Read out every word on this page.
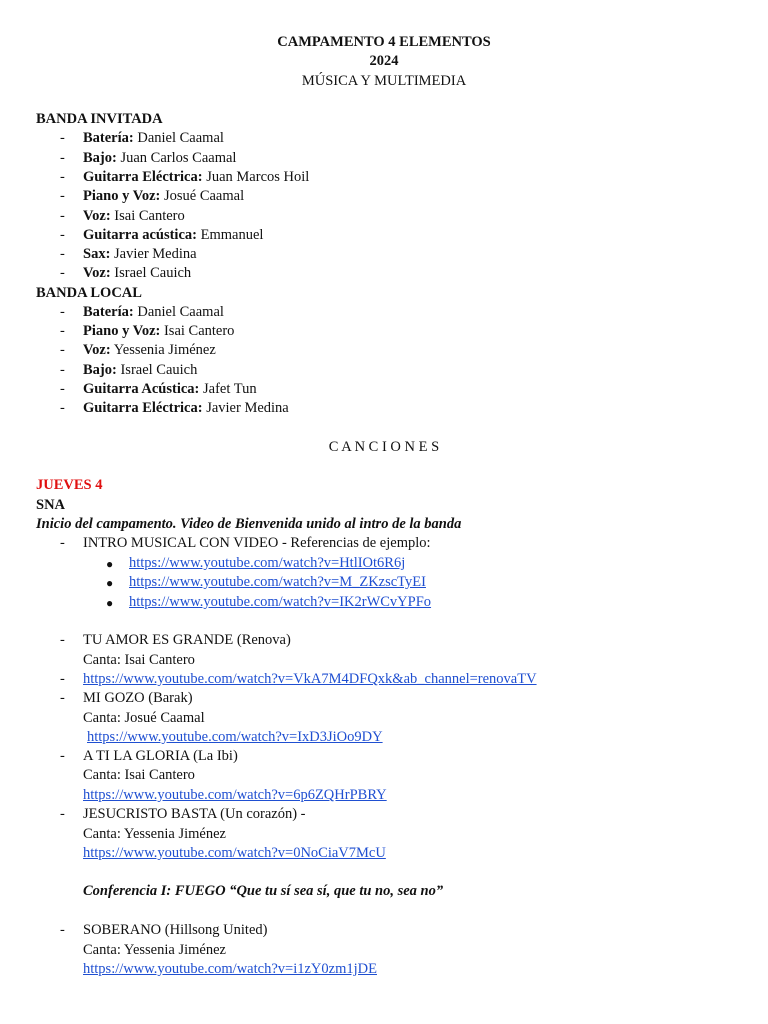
CAMPAMENTO 4 ELEMENTOS
2024
MÚSICA Y MULTIMEDIA
BANDA INVITADA
- Batería: Daniel Caamal
- Bajo: Juan Carlos Caamal
- Guitarra Eléctrica: Juan Marcos Hoil
- Piano y Voz: Josué Caamal
- Voz: Isai Cantero
- Guitarra acústica: Emmanuel
- Sax: Javier Medina
- Voz: Israel Cauich
BANDA LOCAL
- Batería: Daniel Caamal
- Piano y Voz: Isai Cantero
- Voz: Yessenia Jiménez
- Bajo: Israel Cauich
- Guitarra Acústica: Jafet Tun
- Guitarra Eléctrica: Javier Medina
C A N C I O N E S
JUEVES 4
SNA
Inicio del campamento. Video de Bienvenida unido al intro de la banda
- INTRO MUSICAL CON VIDEO - Referencias de ejemplo:
● https://www.youtube.com/watch?v=HtlIOt6R6j
● https://www.youtube.com/watch?v=M_ZKzscTyEI
● https://www.youtube.com/watch?v=IK2rWCvYPFo
- TU AMOR ES GRANDE (Renova)
Canta: Isai Cantero
- https://www.youtube.com/watch?v=VkA7M4DFQxk&ab_channel=renovaTV
- MI GOZO (Barak)
Canta: Josué Caamal
https://www.youtube.com/watch?v=IxD3JiOo9DY
- A TI LA GLORIA (La Ibi)
Canta: Isai Cantero
https://www.youtube.com/watch?v=6p6ZQHrPBRY
- JESUCRISTO BASTA (Un corazón) -
Canta: Yessenia Jiménez
https://www.youtube.com/watch?v=0NoCiaV7McU
Conferencia I: FUEGO “Que tu sí sea sí, que tu no, sea no”
- SOBERANO (Hillsong United)
Canta: Yessenia Jiménez
https://www.youtube.com/watch?v=i1zY0zm1jDE
